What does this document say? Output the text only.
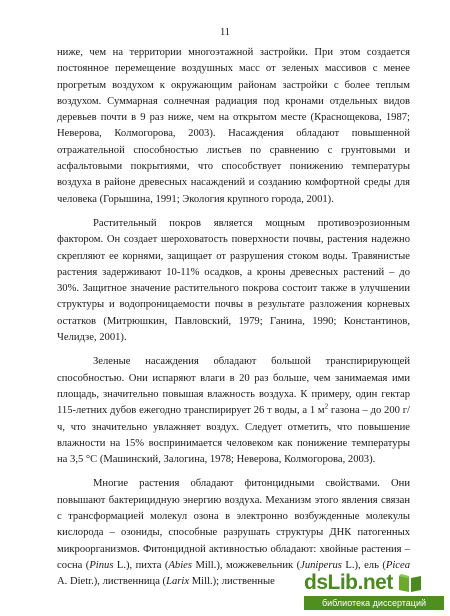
11

ниже, чем на территории многоэтажной застройки. При этом создается постоянное перемещение воздушных масс от зеленых массивов с менее прогретым воздухом к окружающим районам застройки с более теплым воздухом. Суммарная солнечная радиация под кронами отдельных видов деревьев почти в 9 раз ниже, чем на открытом месте (Краснощекова, 1987; Неверова, Колмогорова, 2003). Насаждения обладают повышенной отражательной способностью листьев по сравнению с грунтовыми и асфальтовыми покрытиями, что способствует понижению температуры воздуха в районе древесных насаждений и созданию комфортной среды для человека (Горышина, 1991; Экология крупного города, 2001).

Растительный покров является мощным противоэрозионным фактором. Он создает шероховатость поверхности почвы, растения надежно скрепляют ее корнями, защищает от разрушения стоком воды. Травянистые растения задерживают 10-11% осадков, а кроны древесных растений – до 30%. Защитное значение растительного покрова состоит также в улучшении структуры и водопроницаемости почвы в результате разложения корневых остатков (Митрюшкин, Павловский, 1979; Ганина, 1990; Константинов, Челидзе, 2001).

Зеленые насаждения обладают большой транспирирующей способностью. Они испаряют влаги в 20 раз больше, чем занимаемая ими площадь, значительно повышая влажность воздуха. К примеру, один гектар 115-летних дубов ежегодно транспирирует 26 т воды, а 1 $м^2$ газона – до 200 г/ч, что значительно увлажняет воздух. Следует отметить, что повышение влажности на 15% воспринимается человеком как понижение температуры на 3,5 °С (Машинский, Залогина, 1978; Неверова, Колмогорова, 2003).

Многие растения обладают фитонцидными свойствами. Они повышают бактерицидную энергию воздуха. Механизм этого явления связан с трансформацией молекул озона в электронно возбужденные молекулы кислорода – озониды, способные разрушать структуры ДНК патогенных микроорганизмов. Фитонцидной активностью обладают: хвойные растения – сосна (Pinus L.), пихта (Abies Mill.), можжевельник (Juniperus L.), ель (Picea A. Dietr.), лиственница (Larix Mill.); лиственные	dsLib.net
библиотека диссертаций
